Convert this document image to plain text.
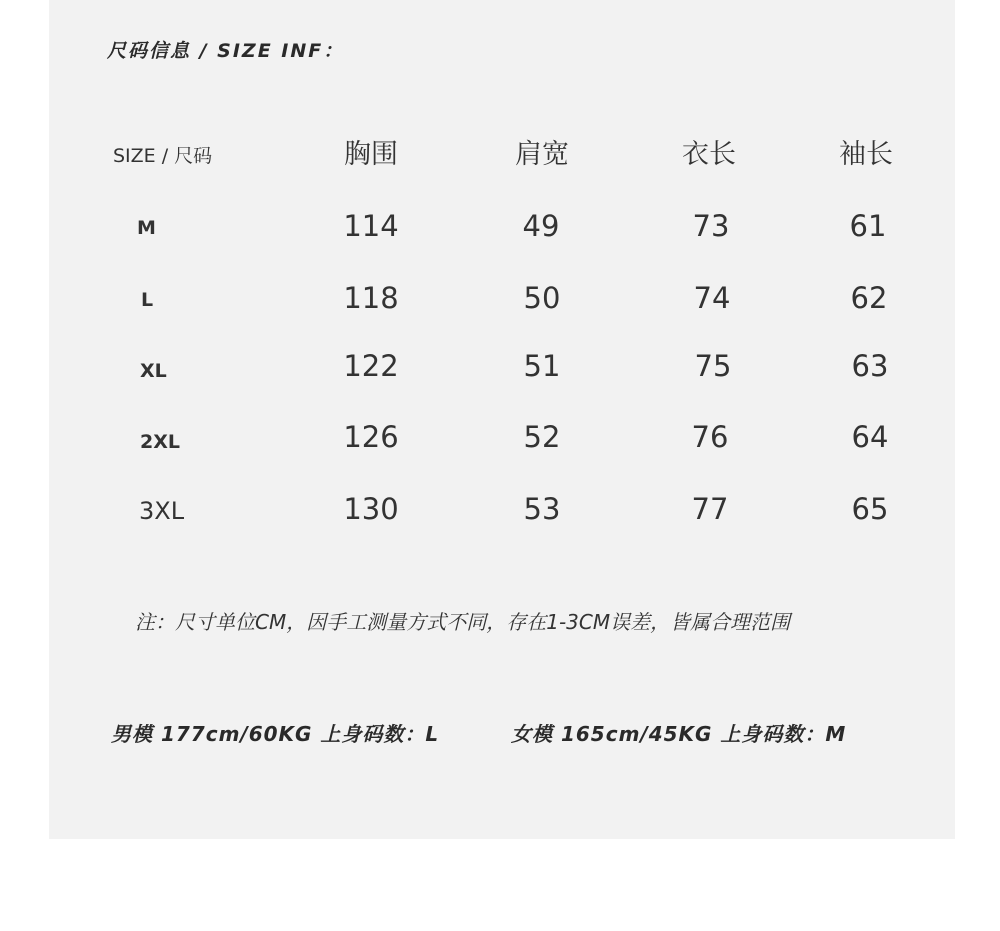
尺码信息 / SIZE INF：
SIZE / 尺码	胸围	肩宽	衣长	袖长
M	114	49	73	61
L	118	50	74	62
XL	122	51	75	63
2XL	126	52	76	64
3XL	130	53	77	65
注：尺寸单位CM，因手工测量方式不同，存在1-3CM误差，皆属合理范围
男模 177cm/60KG 上身码数：L	女模 165cm/45KG 上身码数：M
